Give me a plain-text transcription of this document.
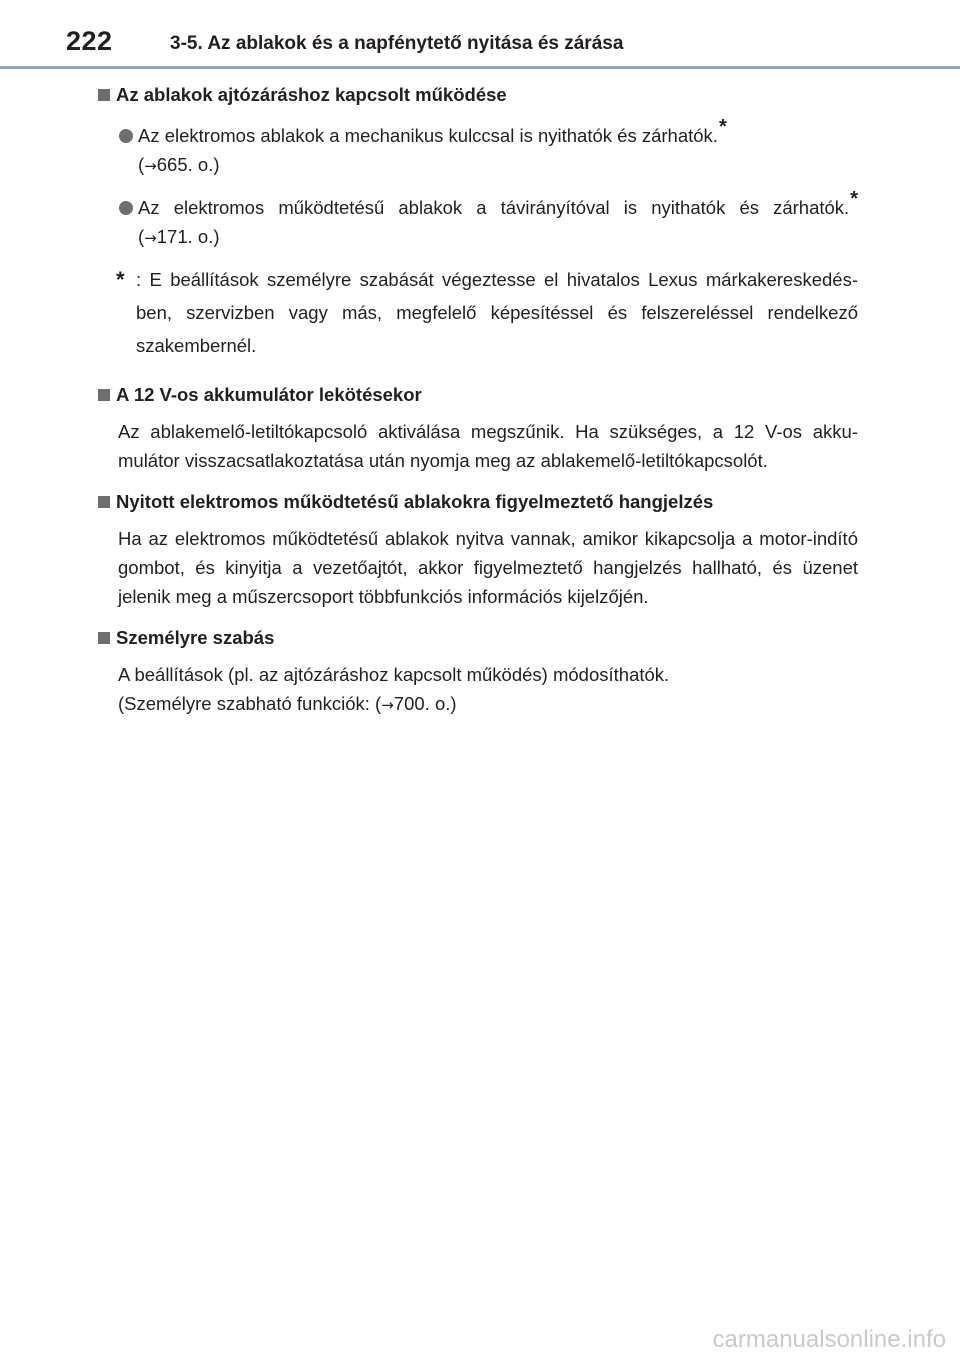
222	3-5. Az ablakok és a napfénytető nyitása és zárása
Az ablakok ajtózáráshoz kapcsolt működése
Az elektromos ablakok a mechanikus kulccsal is nyithatók és zárhatók.*
(→665. o.)
Az elektromos működtetésű ablakok a távirányítóval is nyithatók és zárhatók.*
(→171. o.)
* : E beállítások személyre szabását végeztesse el hivatalos Lexus márkakereskedés-ben, szervizben vagy más, megfelelő képesítéssel és felszereléssel rendelkező szakembernél.
A 12 V-os akkumulátor lekötésekor

Az ablakemelő-letiltókapcsoló aktiválása megszűnik. Ha szükséges, a 12 V-os akku-mulátor visszacsatlakoztatása után nyomja meg az ablakemelő-letiltókapcsolót.

Nyitott elektromos működtetésű ablakokra figyelmeztető hangjelzés

Ha az elektromos működtetésű ablakok nyitva vannak, amikor kikapcsolja a motor-indító gombot, és kinyitja a vezetőajtót, akkor figyelmeztető hangjelzés hallható, és üzenet jelenik meg a műszercsoport többfunkciós információs kijelzőjén.

Személyre szabás

A beállítások (pl. az ajtózáráshoz kapcsolt működés) módosíthatók.

(Személyre szabható funkciók: (→700. o.)

carmanualsonline.info
